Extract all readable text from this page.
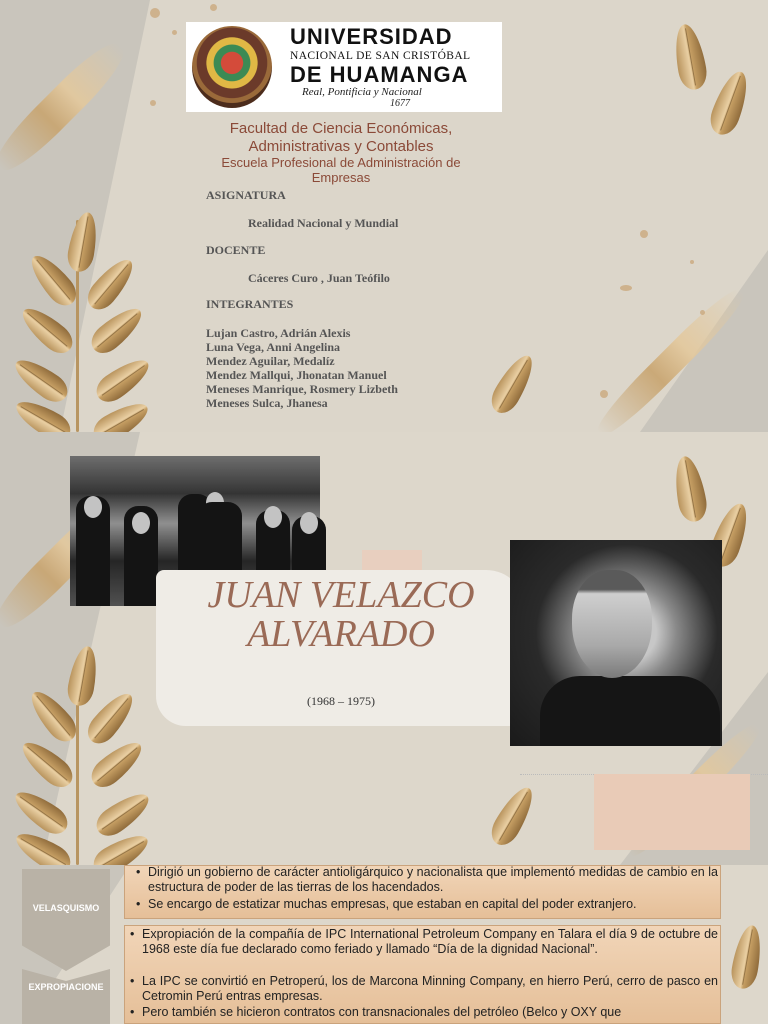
UNIVERSIDAD
NACIONAL DE SAN CRISTÓBAL
DE HUAMANGA
Real, Pontificia y Nacional
1677
Facultad de Ciencia Económicas, Administrativas y Contables
Escuela Profesional de Administración de Empresas
ASIGNATURA
Realidad Nacional y Mundial
DOCENTE
Cáceres Curo , Juan Teófilo
INTEGRANTES
Lujan Castro, Adrián Alexis
Luna Vega, Anni Angelina
Mendez Aguilar, Medalíz
Mendez Mallqui, Jhonatan Manuel
Meneses Manrique, Rosmery Lizbeth
Meneses Sulca, Jhanesa
JUAN VELAZCO ALVARADO
(1968 – 1975)
VELASQUISMO
EXPROPIACIONE
• Dirigió un gobierno de carácter antioligárquico y nacionalista que implementó medidas de cambio en la estructura de poder de las tierras de los hacendados.
• Se encargo de estatizar muchas empresas, que estaban en capital del poder extranjero.
• Expropiación de la compañía de IPC International Petroleum Company en Talara el día 9 de octubre de 1968 este día fue declarado como feriado y llamado “Día de la dignidad Nacional”.
• La IPC se convirtió en Petroperú, los de Marcona Minning Company, en hierro Perú, cerro de pasco en Cetromin Perú entras empresas.
• Pero también se hicieron contratos con transnacionales del petróleo (Belco y OXY que
